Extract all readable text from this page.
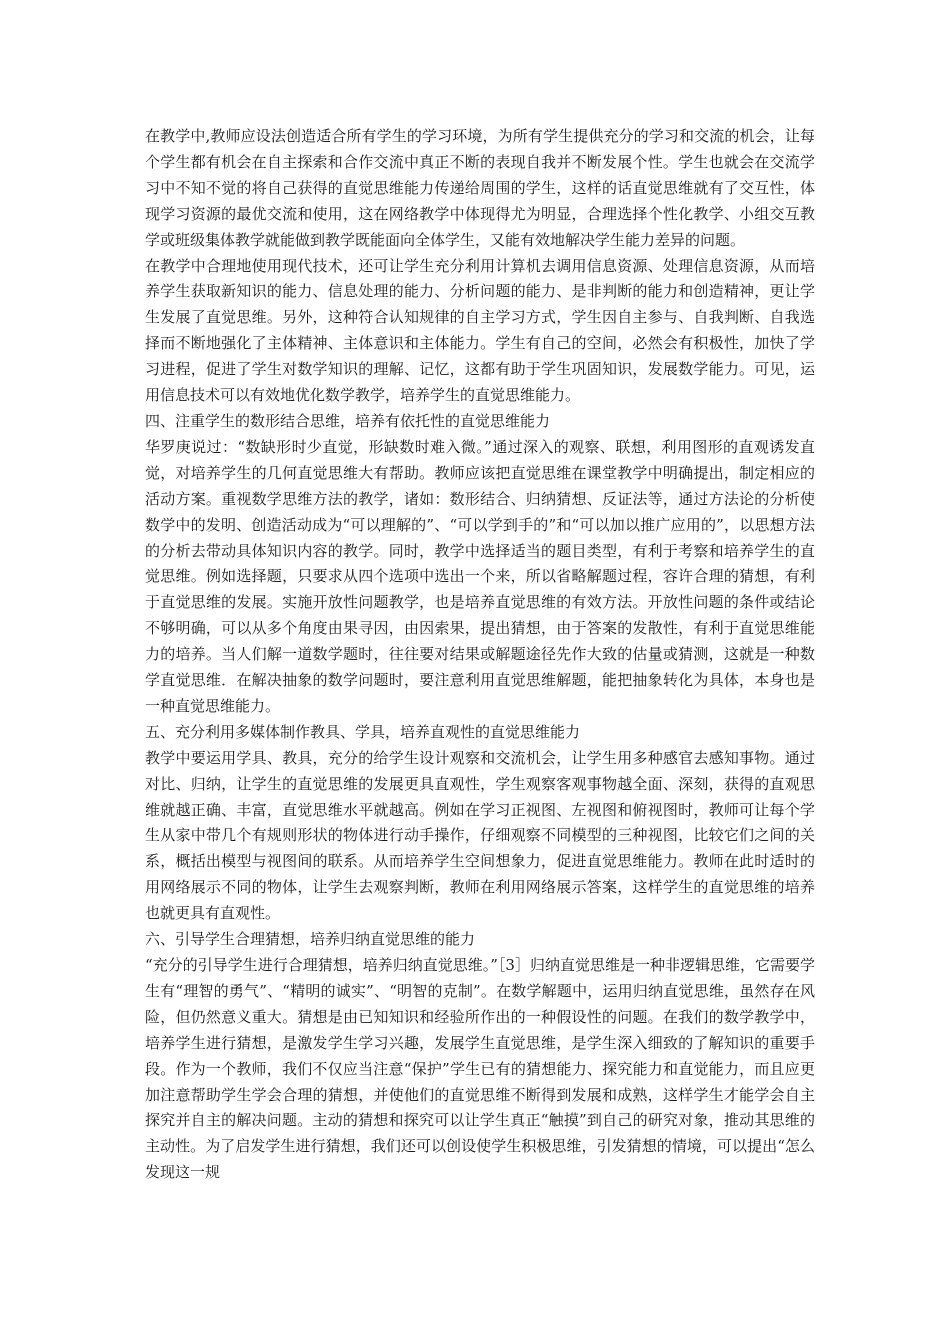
在教学中,教师应设法创造适合所有学生的学习环境，为所有学生提供充分的学习和交流的机会，让每个学生都有机会在自主探索和合作交流中真正不断的表现自我并不断发展个性。学生也就会在交流学习中不知不觉的将自己获得的直觉思维能力传递给周围的学生，这样的话直觉思维就有了交互性，体现学习资源的最优交流和使用，这在网络教学中体现得尤为明显，合理选择个性化教学、小组交互教学或班级集体教学就能做到教学既能面向全体学生，又能有效地解决学生能力差异的问题。

在教学中合理地使用现代技术，还可让学生充分利用计算机去调用信息资源、处理信息资源，从而培养学生获取新知识的能力、信息处理的能力、分析问题的能力、是非判断的能力和创造精神，更让学生发展了直觉思维。另外，这种符合认知规律的自主学习方式，学生因自主参与、自我判断、自我选择而不断地强化了主体精神、主体意识和主体能力。学生有自己的空间，必然会有积极性，加快了学习进程，促进了学生对数学知识的理解、记忆，这都有助于学生巩固知识，发展数学能力。可见，运用信息技术可以有效地优化数学教学，培养学生的直觉思维能力。

四、注重学生的数形结合思维，培养有依托性的直觉思维能力

华罗庚说过：“数缺形时少直觉，形缺数时难入微。”通过深入的观察、联想，利用图形的直观诱发直觉，对培养学生的几何直觉思维大有帮助。教师应该把直觉思维在课堂教学中明确提出，制定相应的活动方案。重视数学思维方法的教学，诸如：数形结合、归纳猜想、反证法等，通过方法论的分析使数学中的发明、创造活动成为“可以理解的”、“可以学到手的”和“可以加以推广应用的”，以思想方法的分析去带动具体知识内容的教学。同时，教学中选择适当的题目类型，有利于考察和培养学生的直觉思维。例如选择题，只要求从四个选项中选出一个来，所以省略解题过程，容许合理的猜想，有利于直觉思维的发展。实施开放性问题教学，也是培养直觉思维的有效方法。开放性问题的条件或结论不够明确，可以从多个角度由果寻因，由因索果，提出猜想，由于答案的发散性，有利于直觉思维能力的培养。当人们解一道数学题时，往往要对结果或解题途径先作大致的估量或猜测，这就是一种数学直觉思维．在解决抽象的数学问题时，要注意利用直觉思维解题，能把抽象转化为具体，本身也是一种直觉思维能力。

五、充分利用多媒体制作教具、学具，培养直观性的直觉思维能力

教学中要运用学具、教具，充分的给学生设计观察和交流机会，让学生用多种感官去感知事物。通过对比、归纳，让学生的直觉思维的发展更具直观性，学生观察客观事物越全面、深刻，获得的直观思维就越正确、丰富，直觉思维水平就越高。例如在学习正视图、左视图和俯视图时，教师可让每个学生从家中带几个有规则形状的物体进行动手操作，仔细观察不同模型的三种视图，比较它们之间的关系，概括出模型与视图间的联系。从而培养学生空间想象力，促进直觉思维能力。教师在此时适时的用网络展示不同的物体，让学生去观察判断，教师在利用网络展示答案，这样学生的直觉思维的培养也就更具有直观性。

六、引导学生合理猜想，培养归纳直觉思维的能力

“充分的引导学生进行合理猜想，培养归纳直觉思维。”［3］归纳直觉思维是一种非逻辑思维，它需要学生有“理智的勇气”、“精明的诚实”、“明智的克制”。在数学解题中，运用归纳直觉思维，虽然存在风险，但仍然意义重大。猜想是由已知知识和经验所作出的一种假设性的问题。在我们的数学教学中，培养学生进行猜想，是激发学生学习兴趣，发展学生直觉思维，是学生深入细致的了解知识的重要手段。作为一个教师，我们不仅应当注意“保护”学生已有的猜想能力、探究能力和直觉能力，而且应更加注意帮助学生学会合理的猜想，并使他们的直觉思维不断得到发展和成熟，这样学生才能学会自主探究并自主的解决问题。主动的猜想和探究可以让学生真正“触摸”到自己的研究对象，推动其思维的主动性。为了启发学生进行猜想，我们还可以创设使学生积极思维，引发猜想的情境，可以提出“怎么发现这一规
